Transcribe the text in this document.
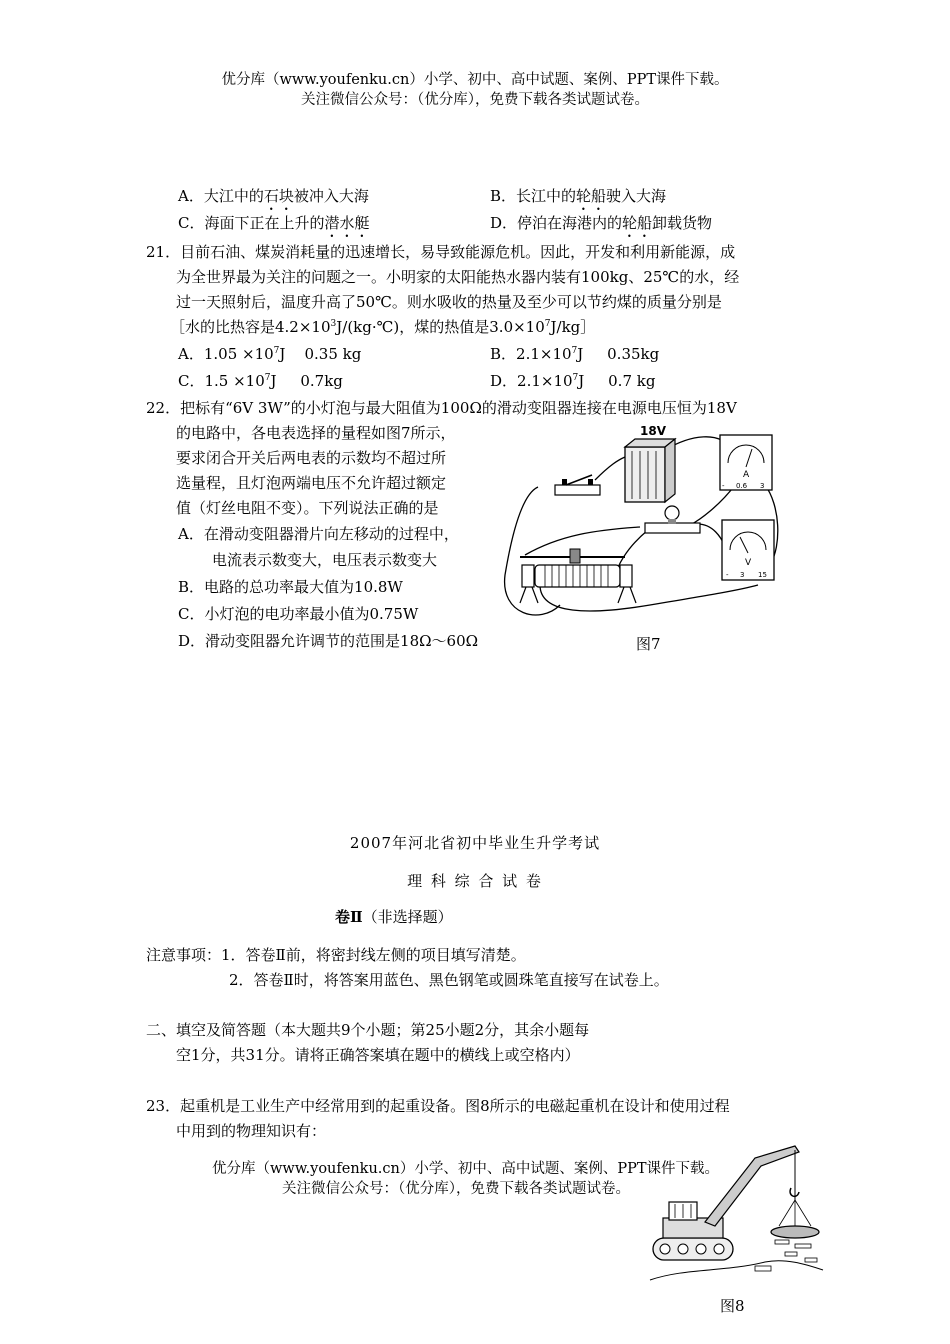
优分库（www.youfenku.cn）小学、初中、高中试题、案例、PPT课件下载。
关注微信公众号：（优分库），免费下载各类试题试卷。
A．大江中的石块被冲入大海	B．长江中的轮船驶入大海
C．海面下正在上升的潜水艇	D．停泊在海港内的轮船卸载货物
21．目前石油、煤炭消耗量的迅速增长，易导致能源危机。因此，开发和利用新能源，成
为全世界最为关注的问题之一。小明家的太阳能热水器内装有100kg、25℃的水，经
过一天照射后，温度升高了50℃。则水吸收的热量及至少可以节约煤的质量分别是
［水的比热容是$4.2\times 10^3J/(kg\cdot℃)$，煤的热值是$3.0\times 10^7J/kg]$
A．$1.05 \times 10^7J$    0.35 kg	B．$2.1\times 10^7J$     0.35kg
C．$1.5 \times 10^7J$     0.7kg	D．$2.1\times 10^7J$     0.7 kg
22．把标有“6V 3W”的小灯泡与最大阻值为100Ω的滑动变阻器连接在电源电压恒为18V
的电路中，各电表选择的量程如图7所示，
要求闭合开关后两电表的示数均不超过所
选量程，且灯泡两端电压不允许超过额定
值（灯丝电阻不变）。下列说法正确的是
A．在滑动变阻器滑片向左移动的过程中，
电流表示数变大，电压表示数变大
B．电路的总功率最大值为10.8W
C．小灯泡的电功率最小值为0.75W
D．滑动变阻器允许调节的范围是18Ω～60Ω
18V
A
- 0.6 3
V
- 3 15
图7
2007年河北省初中毕业生升学考试
理 科 综 合 试 卷
卷Ⅱ（非选择题）
注意事项：1．答卷Ⅱ前，将密封线左侧的项目填写清楚。
2．答卷Ⅱ时，将答案用蓝色、黑色钢笔或圆珠笔直接写在试卷上。
二、填空及简答题（本大题共9个小题；第25小题2分，其余小题每
空1分，共31分。请将正确答案填在题中的横线上或空格内）
23．起重机是工业生产中经常用到的起重设备。图8所示的电磁起重机在设计和使用过程
中用到的物理知识有：
优分库（www.youfenku.cn）小学、初中、高中试题、案例、PPT课件下载。
关注微信公众号：（优分库），免费下载各类试题试卷。
图8
